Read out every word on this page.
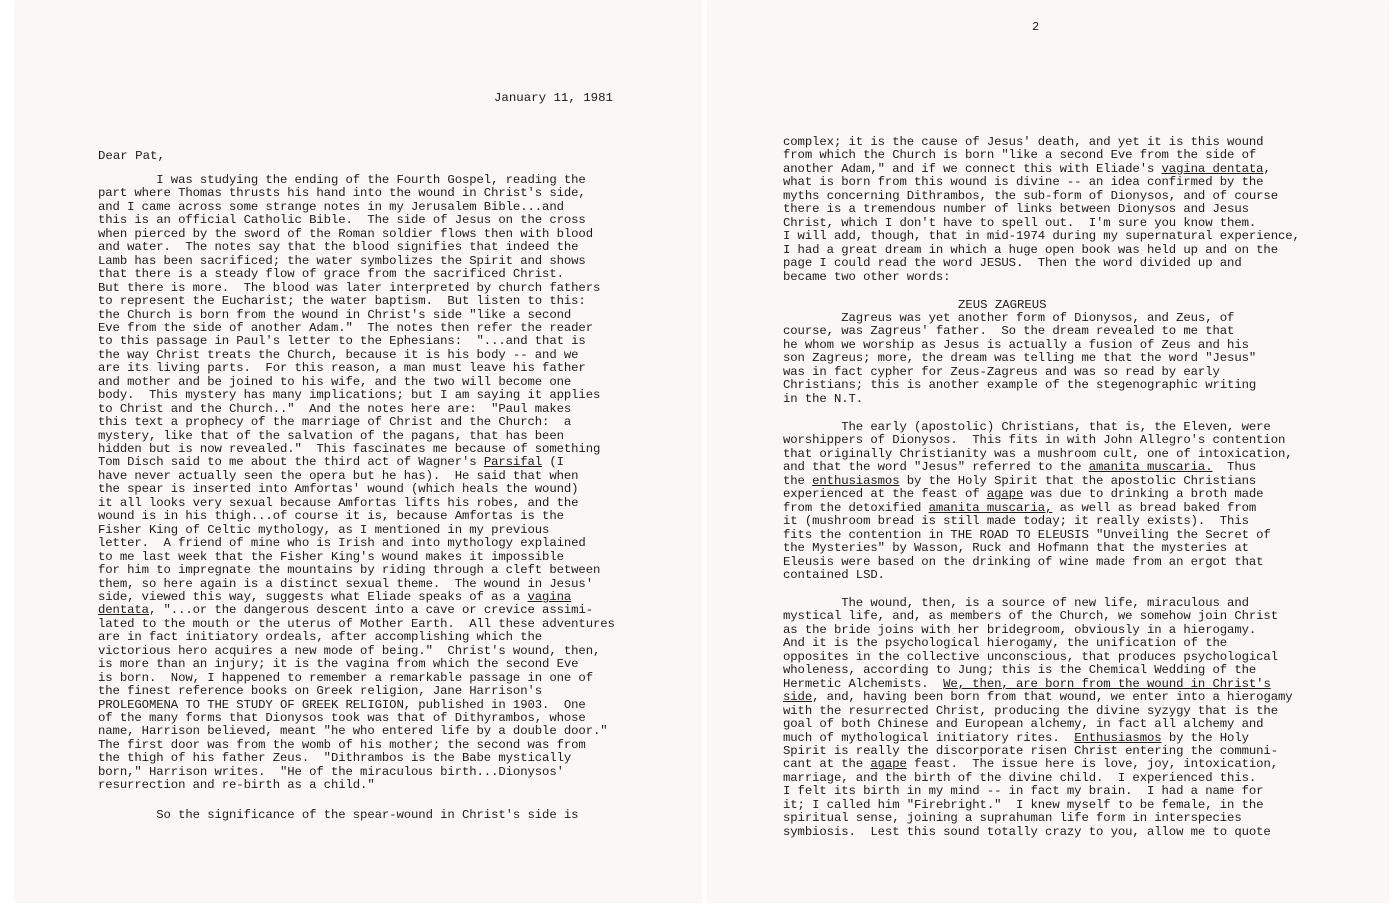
January 11, 1981
Dear Pat,

I was studying the ending of the Fourth Gospel, reading the

part where Thomas thrusts his hand into the wound in Christ's side,

and I came across some strange notes in my Jerusalem Bible...and

this is an official Catholic Bible.  The side of Jesus on the cross

when pierced by the sword of the Roman soldier flows then with blood

and water.  The notes say that the blood signifies that indeed the

Lamb has been sacrificed; the water symbolizes the Spirit and shows

that there is a steady flow of grace from the sacrificed Christ.

But there is more.  The blood was later interpreted by church fathers

to represent the Eucharist; the water baptism.  But listen to this:

the Church is born from the wound in Christ's side "like a second

Eve from the side of another Adam."  The notes then refer the reader

to this passage in Paul's letter to the Ephesians:  "...and that is

the way Christ treats the Church, because it is his body -- and we

are its living parts.  For this reason, a man must leave his father

and mother and be joined to his wife, and the two will become one

body.  This mystery has many implications; but I am saying it applies

to Christ and the Church.."  And the notes here are:  "Paul makes

this text a prophecy of the marriage of Christ and the Church:  a

mystery, like that of the salvation of the pagans, that has been

hidden but is now revealed."  This fascinates me because of something

Tom Disch said to me about the third act of Wagner's Parsifal (I

have never actually seen the opera but he has).  He said that when

the spear is inserted into Amfortas' wound (which heals the wound)

it all looks very sexual because Amfortas lifts his robes, and the

wound is in his thigh...of course it is, because Amfortas is the

Fisher King of Celtic mythology, as I mentioned in my previous

letter.  A friend of mine who is Irish and into mythology explained

to me last week that the Fisher King's wound makes it impossible

for him to impregnate the mountains by riding through a cleft between

them, so here again is a distinct sexual theme.  The wound in Jesus'

side, viewed this way, suggests what Eliade speaks of as a vagina

dentata, "...or the dangerous descent into a cave or crevice assimi-

lated to the mouth or the uterus of Mother Earth.  All these adventures

are in fact initiatory ordeals, after accomplishing which the

victorious hero acquires a new mode of being."  Christ's wound, then,

is more than an injury; it is the vagina from which the second Eve

is born.  Now, I happened to remember a remarkable passage in one of

the finest reference books on Greek religion, Jane Harrison's

PROLEGOMENA TO THE STUDY OF GREEK RELIGION, published in 1903.  One

of the many forms that Dionysos took was that of Dithyrambos, whose

name, Harrison believed, meant "he who entered life by a double door."

The first door was from the womb of his mother; the second was from

the thigh of his father Zeus.  "Dithrambos is the Babe mystically

born," Harrison writes.  "He of the miraculous birth...Dionysos'

resurrection and re-birth as a child."

So the significance of the spear-wound in Christ's side is

2

complex; it is the cause of Jesus' death, and yet it is this wound

from which the Church is born "like a second Eve from the side of

another Adam," and if we connect this with Eliade's vagina dentata,

what is born from this wound is divine -- an idea confirmed by the

myths concerning Dithrambos, the sub-form of Dionysos, and of course

there is a tremendous number of links between Dionysos and Jesus

Christ, which I don't have to spell out.  I'm sure you know them.

I will add, though, that in mid-1974 during my supernatural experience,

I had a great dream in which a huge open book was held up and on the

page I could read the word JESUS.  Then the word divided up and

became two other words:

ZEUS ZAGREUS

Zagreus was yet another form of Dionysos, and Zeus, of

course, was Zagreus' father.  So the dream revealed to me that

he whom we worship as Jesus is actually a fusion of Zeus and his

son Zagreus; more, the dream was telling me that the word "Jesus"

was in fact cypher for Zeus-Zagreus and was so read by early

Christians; this is another example of the stegenographic writing

in the N.T.

The early (apostolic) Christians, that is, the Eleven, were

worshippers of Dionysos.  This fits in with John Allegro's contention

that originally Christianity was a mushroom cult, one of intoxication,

and that the word "Jesus" referred to the amanita muscaria.  Thus

the enthusiasmos by the Holy Spirit that the apostolic Christians

experienced at the feast of agape was due to drinking a broth made

from the detoxified amanita muscaria, as well as bread baked from

it (mushroom bread is still made today; it really exists).  This

fits the contention in THE ROAD TO ELEUSIS "Unveiling the Secret of

the Mysteries" by Wasson, Ruck and Hofmann that the mysteries at

Eleusis were based on the drinking of wine made from an ergot that

contained LSD.

The wound, then, is a source of new life, miraculous and

mystical life, and, as members of the Church, we somehow join Christ

as the bride joins with her bridegroom, obviously in a hierogamy.

And it is the psychological hierogamy, the unification of the

opposites in the collective unconscious, that produces psychological

wholeness, according to Jung; this is the Chemical Wedding of the

Hermetic Alchemists.  We, then, are born from the wound in Christ's

side, and, having been born from that wound, we enter into a hierogamy

with the resurrected Christ, producing the divine syzygy that is the

goal of both Chinese and European alchemy, in fact all alchemy and

much of mythological initiatory rites.  Enthusiasmos by the Holy

Spirit is really the discorporate risen Christ entering the communi-

cant at the agape feast.  The issue here is love, joy, intoxication,

marriage, and the birth of the divine child.  I experienced this.

I felt its birth in my mind -- in fact my brain.  I had a name for

it; I called him "Firebright."  I knew myself to be female, in the

spiritual sense, joining a suprahuman life form in interspecies

symbiosis.  Lest this sound totally crazy to you, allow me to quote
